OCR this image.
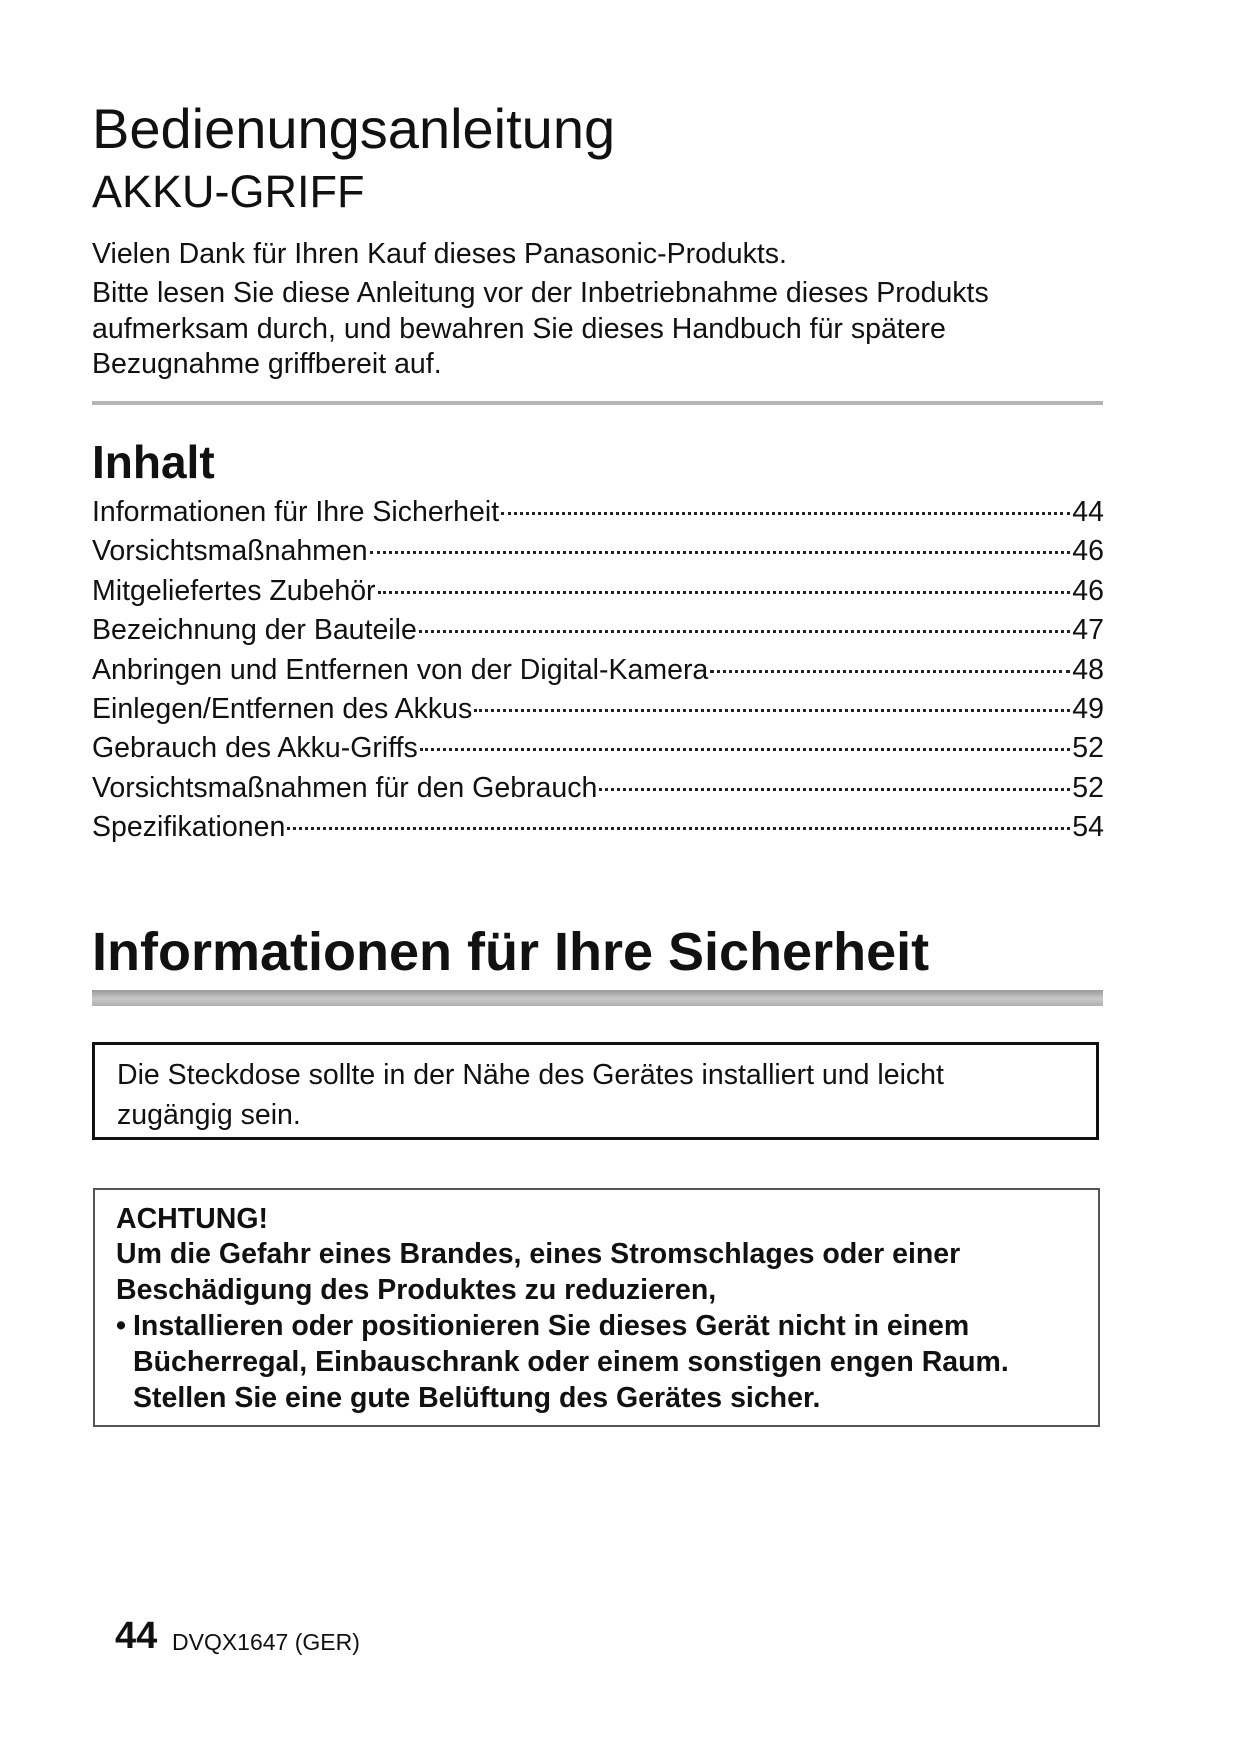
Bedienungsanleitung
AKKU-GRIFF

Vielen Dank für Ihren Kauf dieses Panasonic-Produkts.

Bitte lesen Sie diese Anleitung vor der Inbetriebnahme dieses Produkts aufmerksam durch, und bewahren Sie dieses Handbuch für spätere Bezugnahme griffbereit auf.

Inhalt
Informationen für Ihre Sicherheit	44
Vorsichtsmaßnahmen	46
Mitgeliefertes Zubehör	46
Bezeichnung der Bauteile	47
Anbringen und Entfernen von der Digital-Kamera	48
Einlegen/Entfernen des Akkus	49
Gebrauch des Akku-Griffs	52
Vorsichtsmaßnahmen für den Gebrauch	52
Spezifikationen	54
Informationen für Ihre Sicherheit

Die Steckdose sollte in der Nähe des Gerätes installiert und leicht zugängig sein.

ACHTUNG!

Um die Gefahr eines Brandes, eines Stromschlages oder einer Beschädigung des Produktes zu reduzieren,

• Installieren oder positionieren Sie dieses Gerät nicht in einem Bücherregal, Einbauschrank oder einem sonstigen engen Raum. Stellen Sie eine gute Belüftung des Gerätes sicher.

44 DVQX1647 (GER)
